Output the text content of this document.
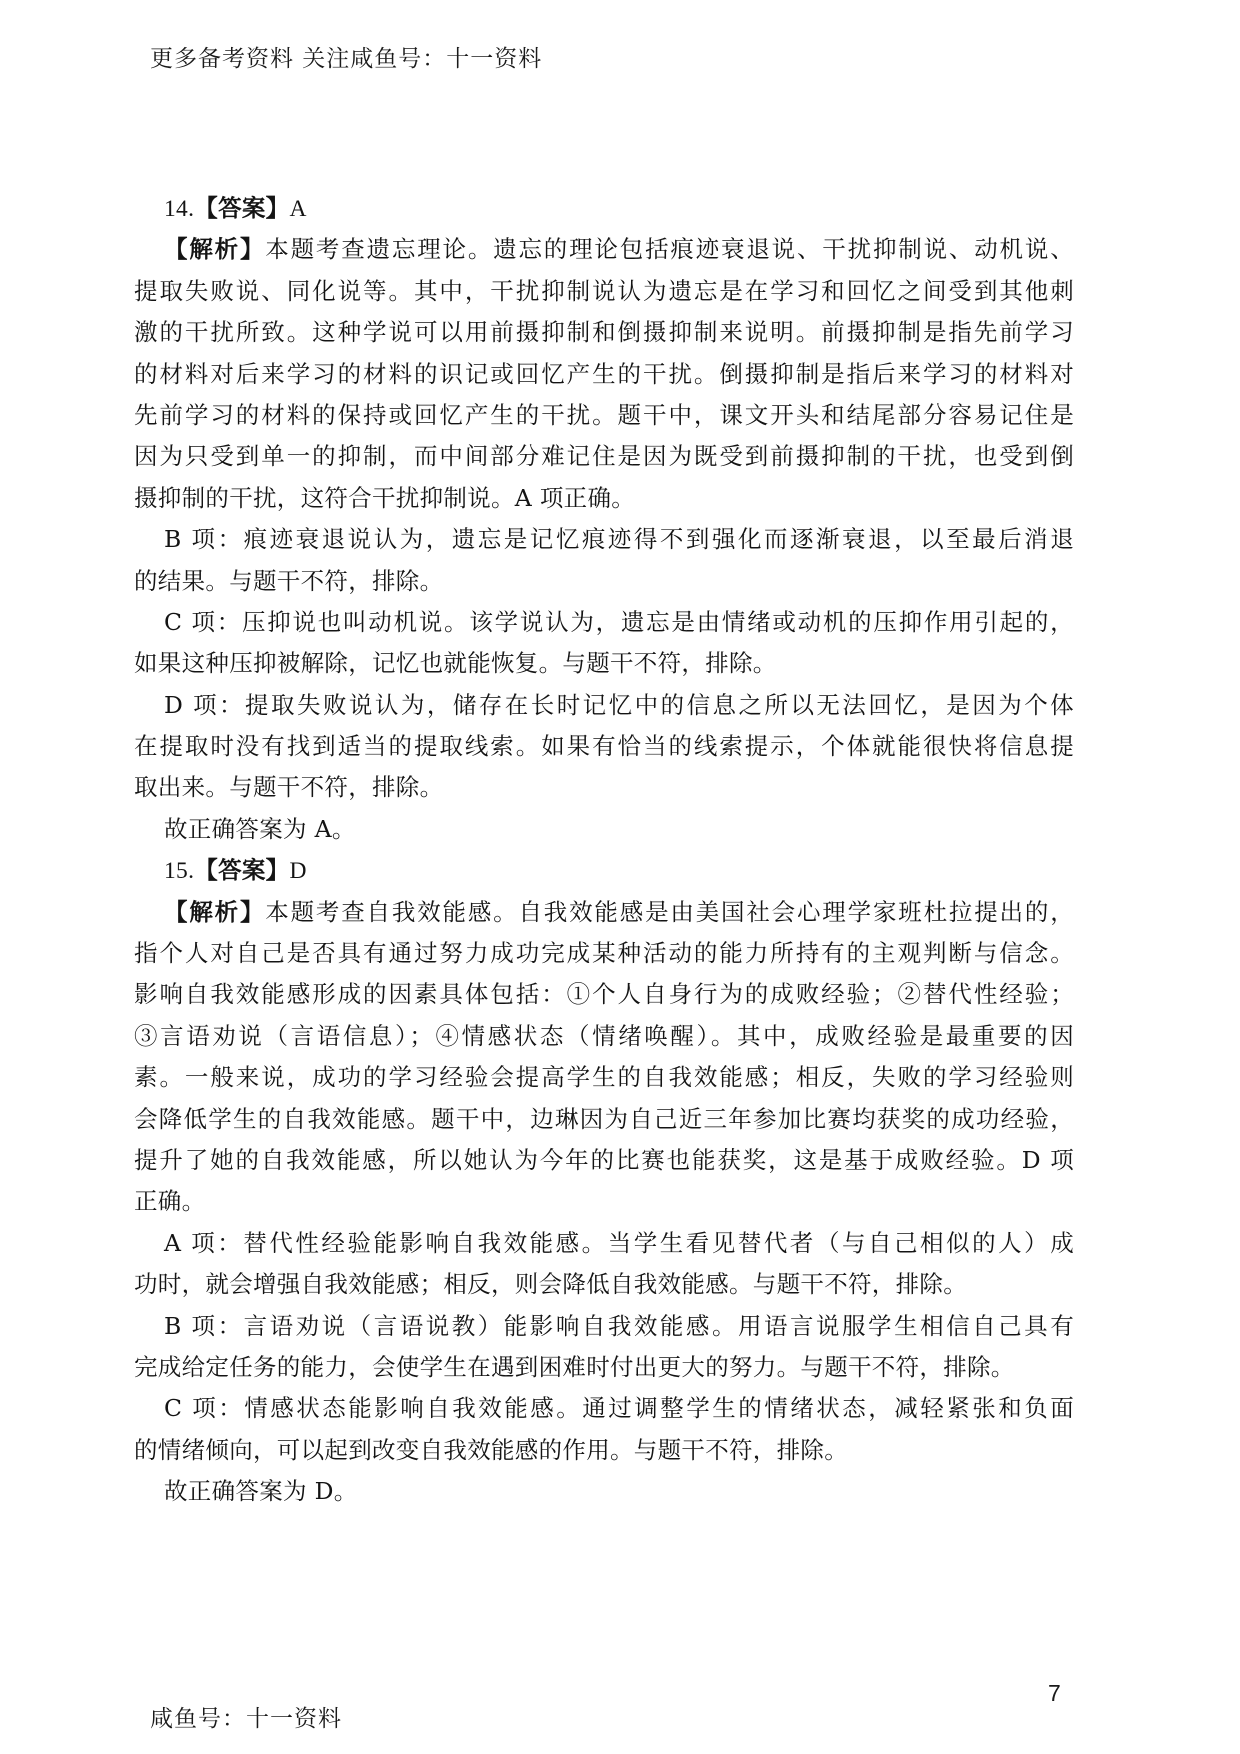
更多备考资料 关注咸鱼号：十一资料
14.【答案】A
【解析】本题考查遗忘理论。遗忘的理论包括痕迹衰退说、干扰抑制说、动机说、
提取失败说、同化说等。其中，干扰抑制说认为遗忘是在学习和回忆之间受到其他刺
激的干扰所致。这种学说可以用前摄抑制和倒摄抑制来说明。前摄抑制是指先前学习
的材料对后来学习的材料的识记或回忆产生的干扰。倒摄抑制是指后来学习的材料对
先前学习的材料的保持或回忆产生的干扰。题干中，课文开头和结尾部分容易记住是
因为只受到单一的抑制，而中间部分难记住是因为既受到前摄抑制的干扰，也受到倒
摄抑制的干扰，这符合干扰抑制说。A 项正确。
B 项：痕迹衰退说认为，遗忘是记忆痕迹得不到强化而逐渐衰退，以至最后消退
的结果。与题干不符，排除。
C 项：压抑说也叫动机说。该学说认为，遗忘是由情绪或动机的压抑作用引起的，
如果这种压抑被解除，记忆也就能恢复。与题干不符，排除。
D 项：提取失败说认为，储存在长时记忆中的信息之所以无法回忆，是因为个体
在提取时没有找到适当的提取线索。如果有恰当的线索提示，个体就能很快将信息提
取出来。与题干不符，排除。
故正确答案为 A。
15.【答案】D
【解析】本题考查自我效能感。自我效能感是由美国社会心理学家班杜拉提出的，
指个人对自己是否具有通过努力成功完成某种活动的能力所持有的主观判断与信念。
影响自我效能感形成的因素具体包括：①个人自身行为的成败经验；②替代性经验；
③言语劝说（言语信息）；④情感状态（情绪唤醒）。其中，成败经验是最重要的因
素。一般来说，成功的学习经验会提高学生的自我效能感；相反，失败的学习经验则
会降低学生的自我效能感。题干中，边琳因为自己近三年参加比赛均获奖的成功经验，
提升了她的自我效能感，所以她认为今年的比赛也能获奖，这是基于成败经验。D 项
正确。
A 项：替代性经验能影响自我效能感。当学生看见替代者（与自己相似的人）成
功时，就会增强自我效能感；相反，则会降低自我效能感。与题干不符，排除。
B 项：言语劝说（言语说教）能影响自我效能感。用语言说服学生相信自己具有
完成给定任务的能力，会使学生在遇到困难时付出更大的努力。与题干不符，排除。
C 项：情感状态能影响自我效能感。通过调整学生的情绪状态，减轻紧张和负面
的情绪倾向，可以起到改变自我效能感的作用。与题干不符，排除。
故正确答案为 D。
咸鱼号：十一资料
7
